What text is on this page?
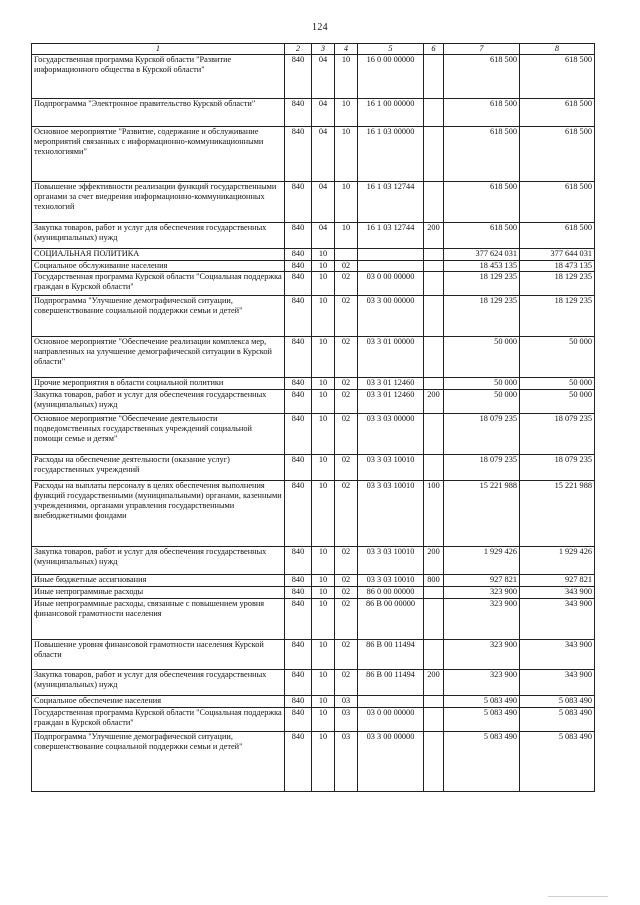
124
1	2	3	4	5	6	7	8
Государственная программа Курской области "Развитие информационного общества в Курской области"	840	04	10	16 0 00 00000		618 500	618 500
Подпрограмма "Электронное правительство Курской области"	840	04	10	16 1 00 00000		618 500	618 500
Основное мероприятие "Развитие, содержание и обслуживание мероприятий связанных с информационно-коммуникационными технологиями"	840	04	10	16 1 03 00000		618 500	618 500
Повышение эффективности реализации функций государственными органами за счет внедрения информационно-коммуникационных технологий	840	04	10	16 1 03 12744		618 500	618 500
Закупка товаров, работ и услуг для обеспечения государственных (муниципальных) нужд	840	04	10	16 1 03 12744	200	618 500	618 500
СОЦИАЛЬНАЯ ПОЛИТИКА	840	10				377 624 031	377 644 031
Социальное обслуживание населения	840	10	02			18 453 135	18 473 135
Государственная программа Курской области "Социальная поддержка граждан в Курской области"	840	10	02	03 0 00 00000		18 129 235	18 129 235
Подпрограмма "Улучшение демографической ситуации, совершенствование социальной поддержки семьи и детей"	840	10	02	03 3 00 00000		18 129 235	18 129 235
Основное мероприятие "Обеспечение реализации комплекса мер, направленных на улучшение демографической ситуации в Курской области"	840	10	02	03 3 01 00000		50 000	50 000
Прочие мероприятия в области социальной политики	840	10	02	03 3 01 12460		50 000	50 000
Закупка товаров, работ и услуг для обеспечения государственных (муниципальных) нужд	840	10	02	03 3 01 12460	200	50 000	50 000
Основное мероприятие "Обеспечение деятельности подведомственных государственных учреждений социальной помощи семье и детям"	840	10	02	03 3 03 00000		18 079 235	18 079 235
Расходы на обеспечение деятельности (оказание услуг) государственных учреждений	840	10	02	03 3 03 10010		18 079 235	18 079 235
Расходы на выплаты персоналу в целях обеспечения выполнения функций государственными (муниципальными) органами, казенными учреждениями, органами управления государственными внебюджетными фондами	840	10	02	03 3 03 10010	100	15 221 988	15 221 988
Закупка товаров, работ и услуг для обеспечения государственных (муниципальных) нужд	840	10	02	03 3 03 10010	200	1 929 426	1 929 426
Иные бюджетные ассигнования	840	10	02	03 3 03 10010	800	927 821	927 821
Иные непрограммные расходы	840	10	02	86 0 00 00000		323 900	343 900
Иные непрограммные расходы, связанные с повышением уровня финансовой грамотности населения	840	10	02	86 В 00 00000		323 900	343 900
Повышение уровня финансовой грамотности населения Курской области	840	10	02	86 В 00 11494		323 900	343 900
Закупка товаров, работ и услуг для обеспечения государственных (муниципальных) нужд	840	10	02	86 В 00 11494	200	323 900	343 900
Социальное обеспечение населения	840	10	03			5 083 490	5 083 490
Государственная программа Курской области "Социальная поддержка граждан в Курской области"	840	10	03	03 0 00 00000		5 083 490	5 083 490
Подпрограмма "Улучшение демографической ситуации, совершенствование социальной поддержки семьи и детей"	840	10	03	03 3 00 00000		5 083 490	5 083 490
